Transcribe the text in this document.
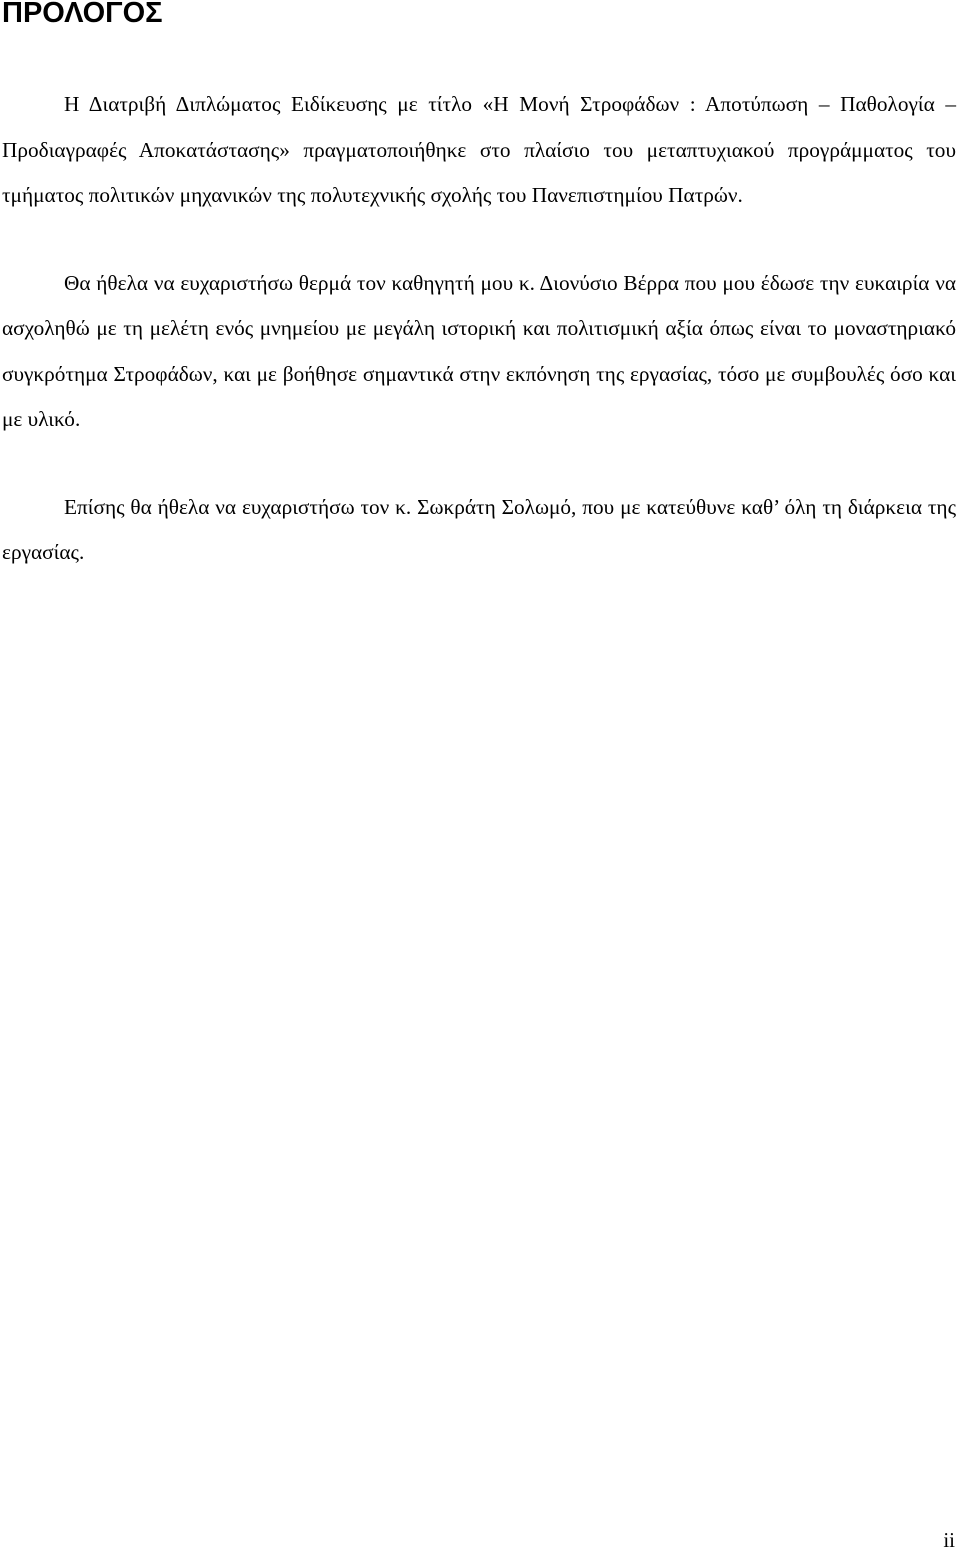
ΠΡΟΛΟΓΟΣ

Η Διατριβή Διπλώματος Ειδίκευσης με τίτλο «Η Μονή Στροφάδων : Αποτύπωση – Παθολογία – Προδιαγραφές Αποκατάστασης» πραγματοποιήθηκε στο πλαίσιο του μεταπτυχιακού προγράμματος του τμήματος πολιτικών μηχανικών της πολυτεχνικής σχολής του Πανεπιστημίου Πατρών.

Θα ήθελα να ευχαριστήσω θερμά τον καθηγητή μου κ. Διονύσιο Βέρρα που μου έδωσε την ευκαιρία να ασχοληθώ με τη μελέτη ενός μνημείου με μεγάλη ιστορική και πολιτισμική αξία όπως είναι το μοναστηριακό συγκρότημα Στροφάδων, και με βοήθησε σημαντικά στην εκπόνηση της εργασίας, τόσο με συμβουλές όσο και με υλικό.

Επίσης θα ήθελα να ευχαριστήσω τον κ. Σωκράτη Σολωμό, που με κατεύθυνε καθ’ όλη τη διάρκεια της εργασίας.

ii
